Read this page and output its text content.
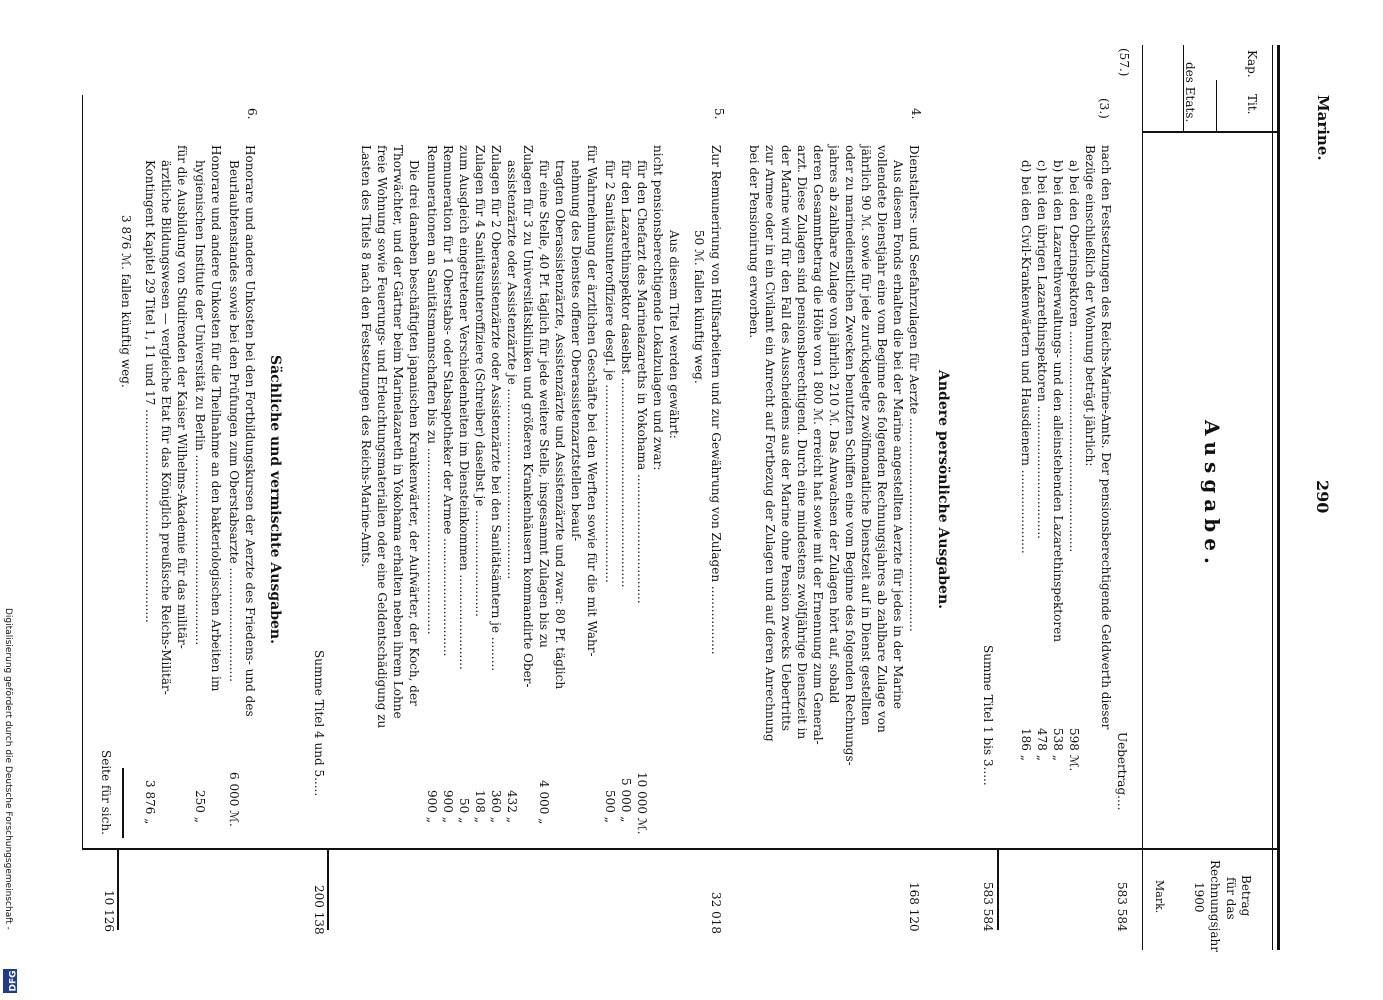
Marine.
290
Kap.
Tit.
des Etats.
Betrag
für das
Rechnungsjahr
1900
Mark.
(57.)
(3.)
4.
5.
6.
Ausgabe.
Uebertrag....
583 584
nach den Festsetzungen des Reichs-Marine-Amts. Der pensionsberechtigende Geldwerth dieser
Bezüge einschließlich der Wohnung beträgt jährlich:
a) bei den Oberinspektoren ..........................................................
598 ℳ.
b) bei den Lazarethverwaltungs- und den alleinstehenden Lazarethinspektoren
538 „
c) bei den übrigen Lazarethinspektoren ...................................
478 „
d) bei den Civil-Krankenwärtern und Hausdienern ......................
186 „
Summe Titel 1 bis 3.....
583 584
Andere persönliche Ausgaben.
Dienstalters- und Seefahrzulagen für Aerzte ........................................................
168 120
Aus diesem Fonds erhalten die bei der Marine angestellten Aerzte für jedes in der Marine
vollendete Dienstjahr eine vom Beginne des folgenden Rechnungsjahres ab zahlbare Zulage von
jährlich 90 ℳ. sowie für jede zurückgelegte zwölfmonatliche Dienstzeit auf in Dienst gestellten
oder zu marinedienstlichen Zwecken benutzten Schiffen eine vom Beginne des folgenden Rechnungs-
jahres ab zahlbare Zulage von jährlich 210 ℳ. Das Anwachsen der Zulagen hört auf, sobald
deren Gesammtbetrag die Höhe von 1 800 ℳ. erreicht hat sowie mit der Ernennung zum General-
arzt. Diese Zulagen sind pensionsberechtigend. Durch eine mindestens zwölfjährige Dienstzeit in
der Marine wird für den Fall des Ausscheidens aus der Marine ohne Pension zwecks Uebertritts
zur Armee oder in ein Civilamt ein Anrecht auf Fortbezug der Zulagen und auf deren Anrechnung
bei der Pensionirung erworben.
Zur Remunerirung von Hülfsarbeitern und zur Gewährung von Zulagen ..................
32 018
50 ℳ. fallen künftig weg.
Aus diesem Titel werden gewährt:
nicht pensionsberechtigende Lokalzulagen und zwar:
für den Chefarzt des Marinelazareths in Yokohama ..................................
10 000 ℳ.
für den Lazarethinspektor daselbst .......................................................
5 000 „
für 2 Sanitätsunteroffiziere desgl. je ....................................................
500 „
für Wahrnehmung der ärztlichen Geschäfte bei den Werften sowie für die mit Wahr-
nehmung des Dienstes offener Oberassistenzarztstellen beauf-
tragten Oberassistenzärzte, Assistenzärzte und Assistenzärzte und zwar: 80 Pf. täglich
für eine Stelle, 40 Pf. täglich für jede weitere Stelle, insgesammt Zulagen bis zu
4 000 „
Zulagen für 3 zu Universitätskliniken und größeren Krankenhäusern kommandirte Ober-
assistenzärzte oder Assistenzärzte je ..................................................
432 „
Zulagen für 2 Oberassistenzärzte oder Assistenzärzte bei den Sanitätsämtern je .........
360 „
Zulagen für 4 Sanitätsunteroffiziere (Schreiber) daselbst je ............................
108 „
zum Ausgleich eingetretener Verschiedenheiten im Diensteinkommen .........................
50 „
Remuneration für 1 Oberstabs- oder Stabsapotheker der Armee ...............................
900 „
Remunerationen an Sanitätsmannschaften bis zu .................................................
900 „
Die drei daneben beschäftigten japanischen Krankenwärter, der Aufwärter, der Koch, der
Thorwächter, und der Gärtner beim Marinelazareth in Yokohama erhalten neben ihrem Lohne
freie Wohnung sowie Feuerungs- und Erleuchtungsmaterialien oder eine Geldentschädigung zu
Lasten des Titels 8 nach den Festsetzungen des Reichs-Marine-Amts.
Summe Titel 4 und 5.....
200 138
Sächliche und vermischte Ausgaben.
Honorare und andere Unkosten bei den Fortbildungskursen der Aerzte des Friedens- und des
Beurlaubtenstandes sowie bei den Prüfungen zum Oberstabsarzte ..............................
6 000 ℳ.
Honorare und andere Unkosten für die Theilnahme an den bakteriologischen Arbeiten im
hygienischen Institute der Universität zu Berlin ..................................................
250 „
für die Ausbildung von Studirenden der Kaiser Wilhelms-Akademie für das militär-
ärztliche Bildungswesen — vergleiche Etat für das Königlich preußische Reichs-Militär-
Kontingent Kapitel 29 Titel 1, 11 und 17 ........................................................
3 876 „
3 876 ℳ. fallen künftig weg.
Seite für sich.
10 126
Digitalisierung gefördert durch die Deutsche Forschungsgemeinschaft -
DFG
